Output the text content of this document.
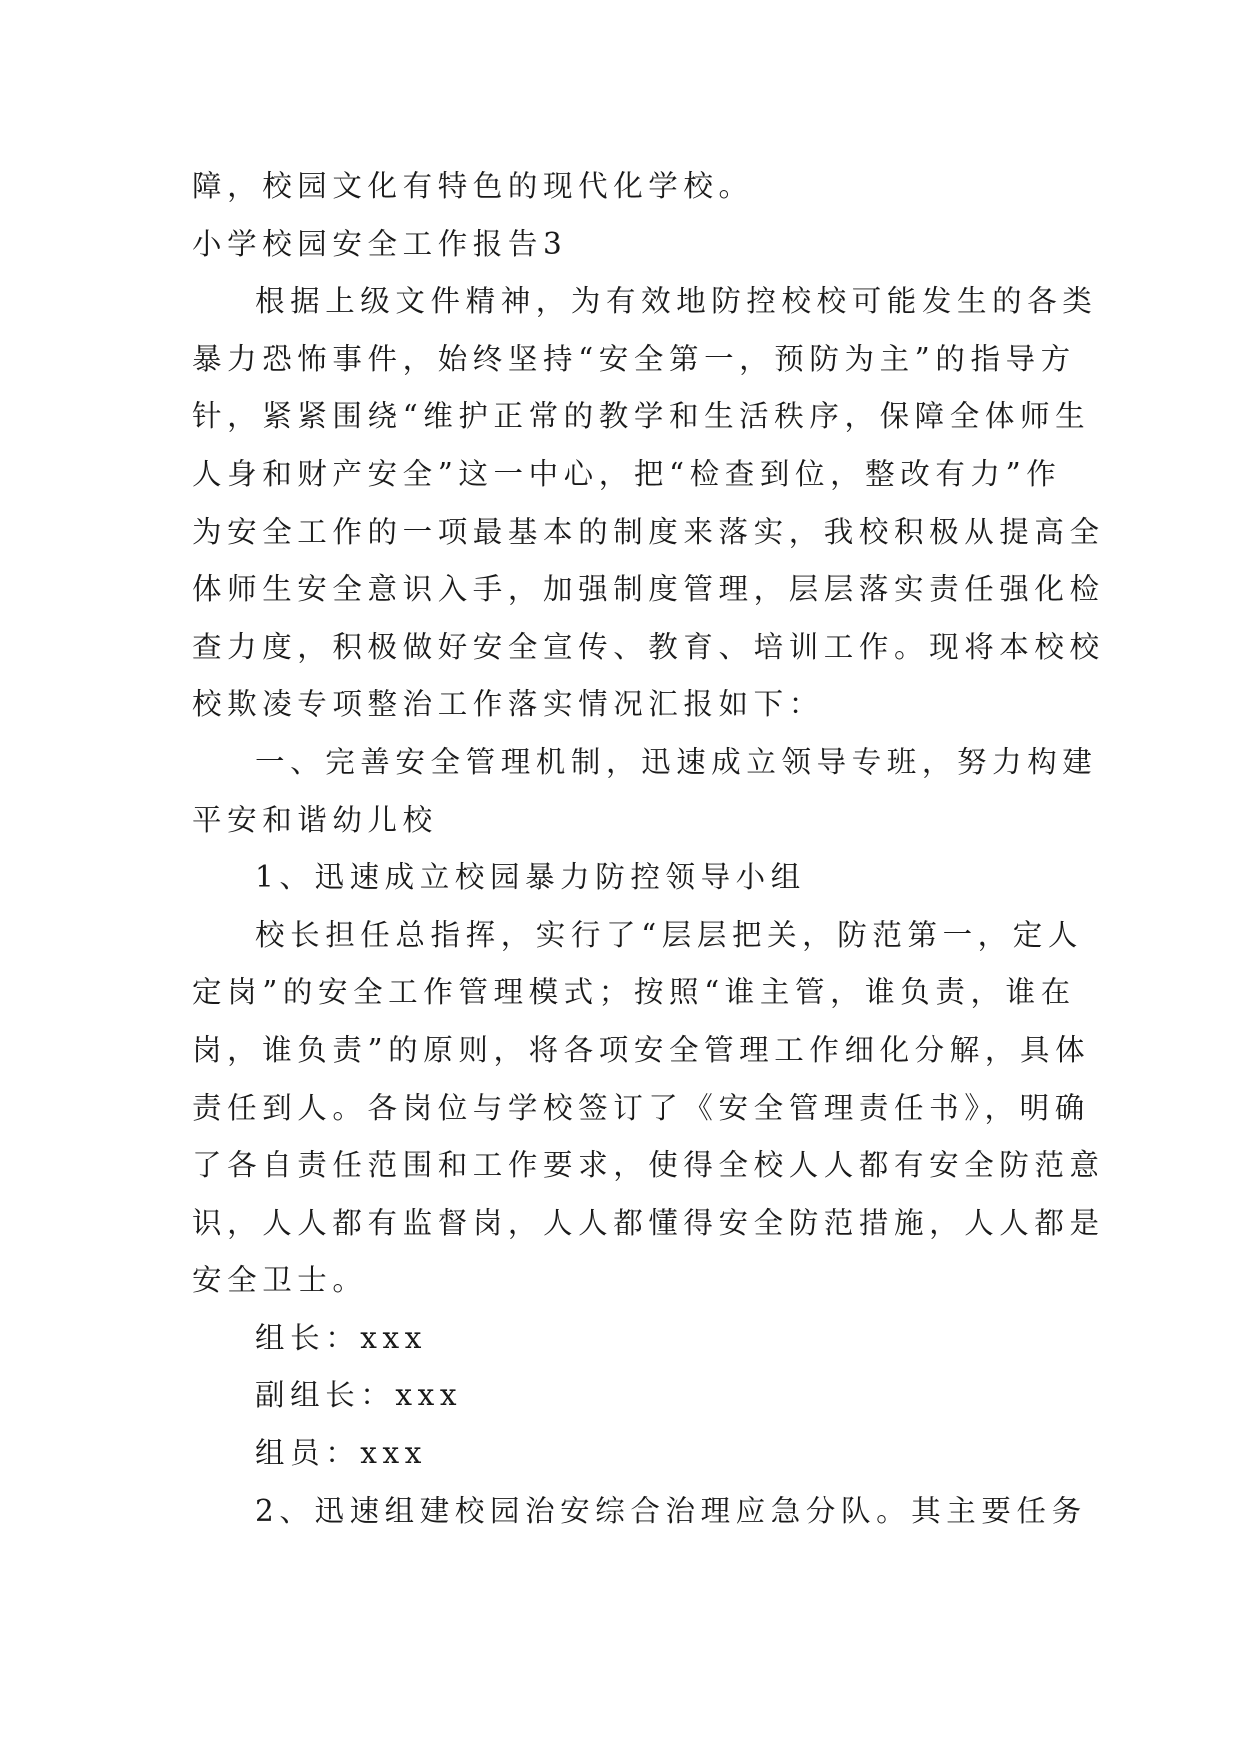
障，校园文化有特色的现代化学校。
小学校园安全工作报告3
根据上级文件精神，为有效地防控校校可能发生的各类
暴力恐怖事件，始终坚持“安全第一，预防为主”的指导方
针，紧紧围绕“维护正常的教学和生活秩序，保障全体师生
人身和财产安全”这一中心，把“检查到位，整改有力”作
为安全工作的一项最基本的制度来落实，我校积极从提高全
体师生安全意识入手，加强制度管理，层层落实责任强化检
查力度，积极做好安全宣传、教育、培训工作。现将本校校
校欺凌专项整治工作落实情况汇报如下：
一、完善安全管理机制，迅速成立领导专班，努力构建
平安和谐幼儿校
1、迅速成立校园暴力防控领导小组
校长担任总指挥，实行了“层层把关，防范第一，定人
定岗”的安全工作管理模式；按照“谁主管，谁负责，谁在
岗，谁负责”的原则，将各项安全管理工作细化分解，具体
责任到人。各岗位与学校签订了《安全管理责任书》，明确
了各自责任范围和工作要求，使得全校人人都有安全防范意
识，人人都有监督岗，人人都懂得安全防范措施，人人都是
安全卫士。
组长：xxx
副组长：xxx
组员：xxx
2、迅速组建校园治安综合治理应急分队。其主要任务
